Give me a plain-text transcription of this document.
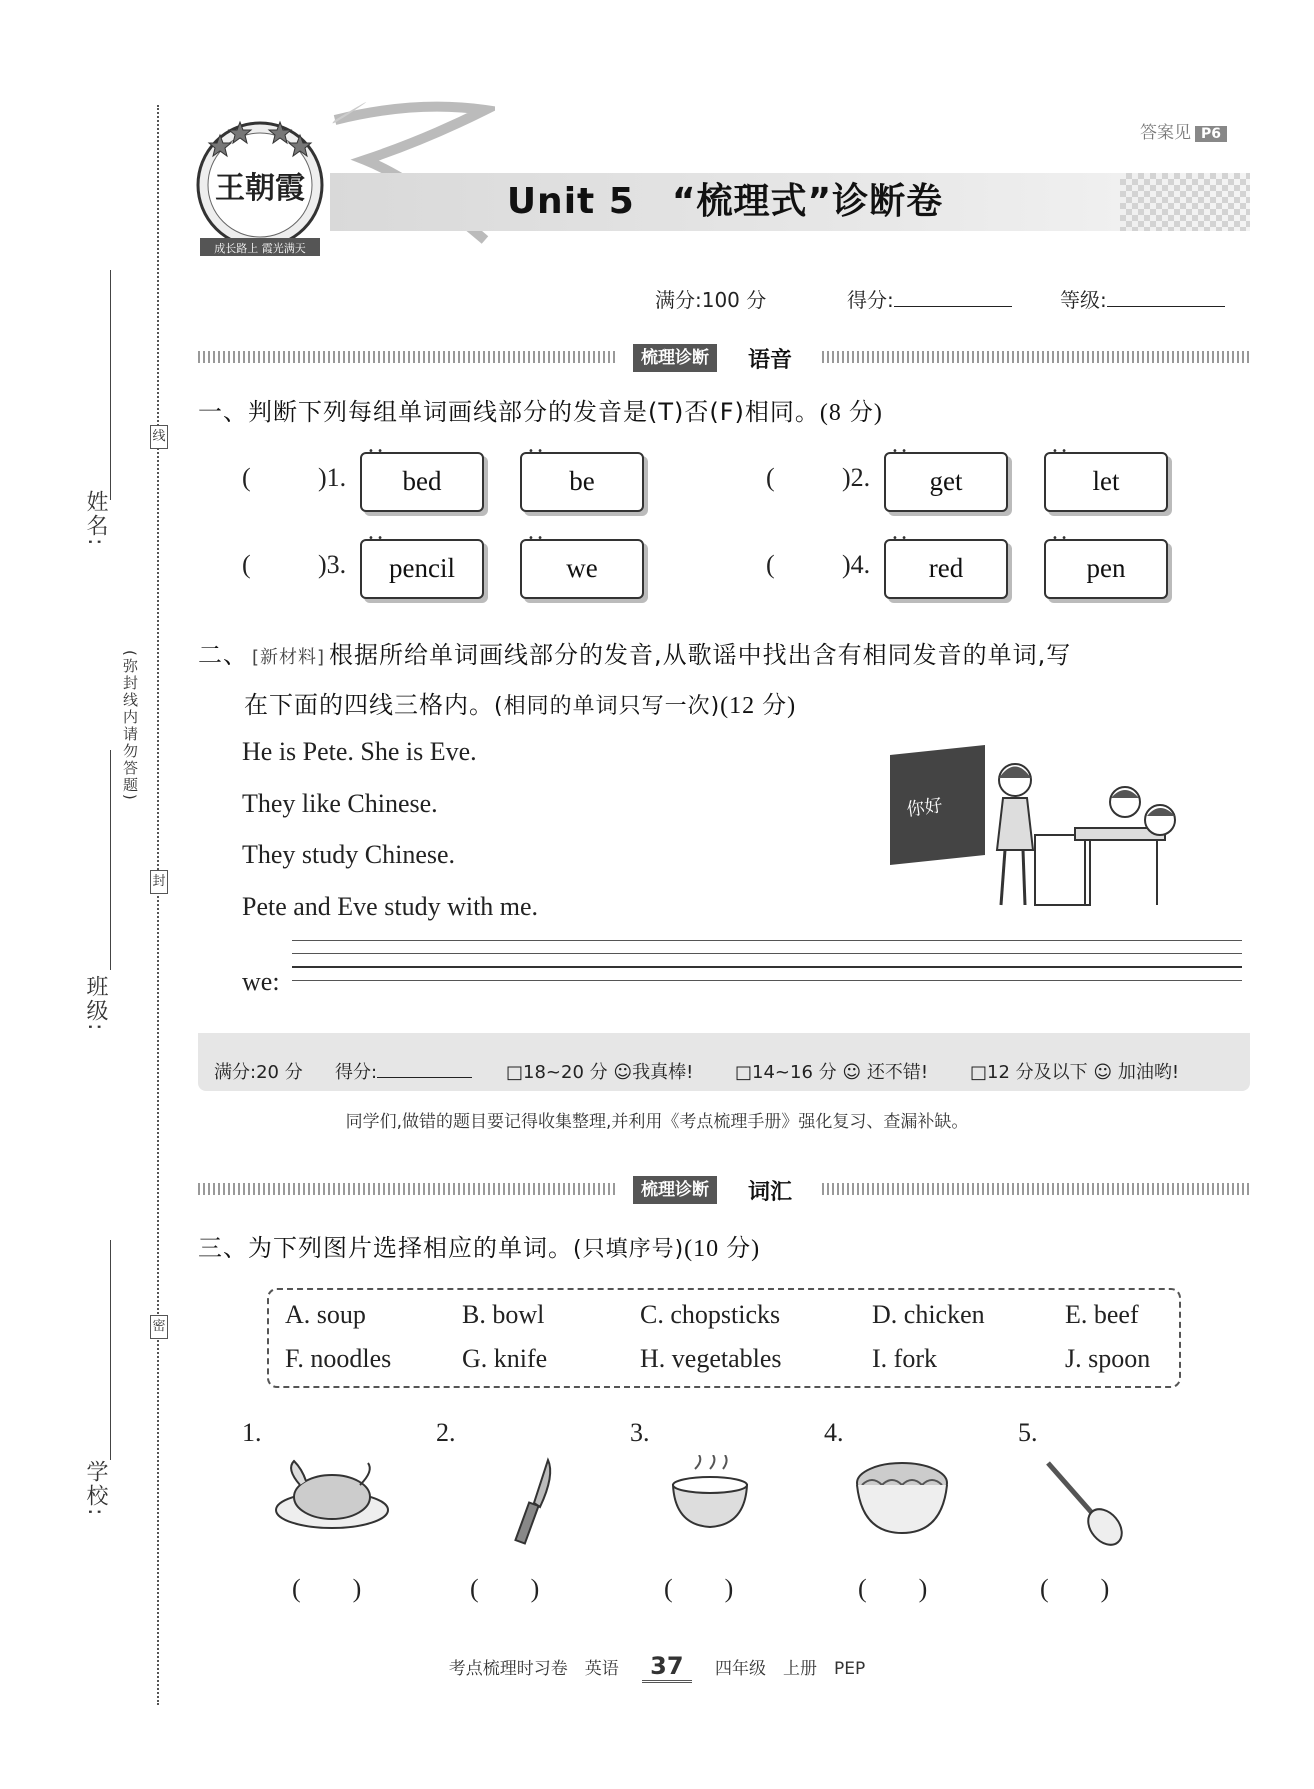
线
封
密
(弥封线内请勿答题)
姓名:
班级:
学校:
答案见 P6
王朝霞
成长路上 霞光满天
Unit 5　“梳理式”诊断卷
满分:100 分	得分:	等级:
梳理诊断	语音
一、判断下列每组单词画线部分的发音是(T)否(F)相同。(8 分)
(	)1.
• •
bed
• •
be	(	)2.
• •
get
• •
let
(	)3.
• •
pencil
• •
we	(	)4.
• •
red
• •
pen
二、 [新材料] 根据所给单词画线部分的发音,从歌谣中找出含有相同发音的单词,写
在下面的四线三格内。(相同的单词只写一次)(12 分)
He is Pete. She is Eve.
They like Chinese.
They study Chinese.
Pete and Eve study with me.
你好
we:
满分:20 分 得分:	□18~20 分 ☺我真棒! □14~16 分 ☺ 还不错! □12 分及以下 ☺ 加油哟!
同学们,做错的题目要记得收集整理,并利用《考点梳理手册》强化复习、查漏补缺。
梳理诊断	词汇
三、为下列图片选择相应的单词。(只填序号)(10 分)
A. soup	B. bowl	C. chopsticks	D. chicken	E. beef
F. noodles	G. knife	H. vegetables	I. fork	J. spoon
1.	2.	3.	4.	5.
(　　)	(　　)	(　　)	(　　)	(　　)
考点梳理时习卷　英语 37 四年级　上册　PEP
